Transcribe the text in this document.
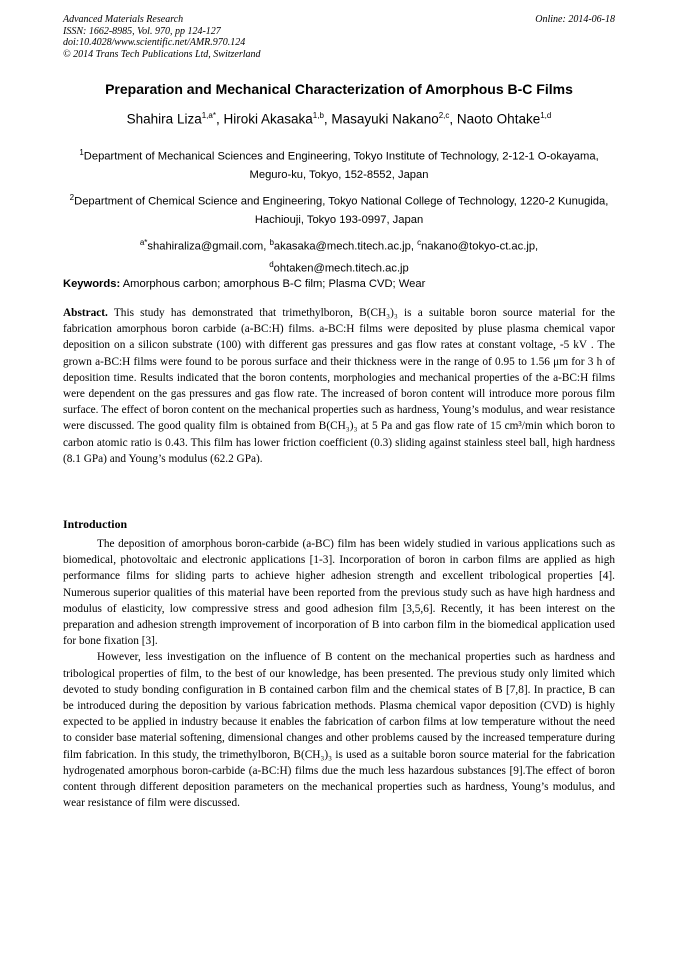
Advanced Materials Research
ISSN: 1662-8985, Vol. 970, pp 124-127
doi:10.4028/www.scientific.net/AMR.970.124
© 2014 Trans Tech Publications Ltd, Switzerland
Online: 2014-06-18
Preparation and Mechanical Characterization of Amorphous B-C Films
Shahira Liza$^{1,a*}$, Hiroki Akasaka$^{1,b}$, Masayuki Nakano$^{2,c}$, Naoto Ohtake$^{1,d}$
$^1$Department of Mechanical Sciences and Engineering, Tokyo Institute of Technology, 2-12-1 O-okayama, Meguro-ku, Tokyo, 152-8552, Japan
$^2$Department of Chemical Science and Engineering, Tokyo National College of Technology, 1220-2 Kunugida, Hachiouji, Tokyo 193-0997, Japan
$^{a*}$shahiraliza@gmail.com, $^b$akasaka@mech.titech.ac.jp, $^c$nakano@tokyo-ct.ac.jp,
$^d$ohtaken@mech.titech.ac.jp
Keywords: Amorphous carbon; amorphous B-C film; Plasma CVD; Wear
Abstract. This study has demonstrated that trimethylboron, B(CH₃)₃ is a suitable boron source material for the fabrication amorphous boron carbide (a-BC:H) films. a-BC:H films were deposited by pluse plasma chemical vapor deposition on a silicon substrate (100) with different gas pressures and gas flow rates at constant voltage, -5 kV . The grown a-BC:H films were found to be porous surface and their thickness were in the range of 0.95 to 1.56 μm for 3 h of deposition time. Results indicated that the boron contents, morphologies and mechanical properties of the a-BC:H films were dependent on the gas pressures and gas flow rate. The increased of boron content will introduce more porous film surface. The effect of boron content on the mechanical properties such as hardness, Young’s modulus, and wear resistance were discussed. The good quality film is obtained from B(CH₃)₃ at 5 Pa and gas flow rate of 15 cm³/min which boron to carbon atomic ratio is 0.43. This film has lower friction coefficient (0.3) sliding against stainless steel ball, high hardness (8.1 GPa) and Young’s modulus (62.2 GPa).
Introduction

The deposition of amorphous boron-carbide (a-BC) film has been widely studied in various applications such as biomedical, photovoltaic and electronic applications [1-3]. Incorporation of boron in carbon films are applied as high performance films for sliding parts to achieve higher adhesion strength and excellent tribological properties [4]. Numerous superior qualities of this material have been reported from the previous study such as have high hardness and modulus of elasticity, low compressive stress and good adhesion film [3,5,6]. Recently, it has been interest on the preparation and adhesion strength improvement of incorporation of B into carbon film in the biomedical application used for bone fixation [3].

However, less investigation on the influence of B content on the mechanical properties such as hardness and tribological properties of film, to the best of our knowledge, has been presented. The previous study only limited which devoted to study bonding configuration in B contained carbon film and the chemical states of B [7,8]. In practice, B can be introduced during the deposition by various fabrication methods. Plasma chemical vapor deposition (CVD) is highly expected to be applied in industry because it enables the fabrication of carbon films at low temperature without the need to consider base material softening, dimensional changes and other problems caused by the increased temperature during film fabrication. In this study, the trimethylboron, B(CH₃)₃ is used as a suitable boron source material for the fabrication hydrogenated amorphous boron-carbide (a-BC:H) films due the much less hazardous substances [9].The effect of boron content through different deposition parameters on the mechanical properties such as hardness, Young’s modulus, and wear resistance of film were discussed.
